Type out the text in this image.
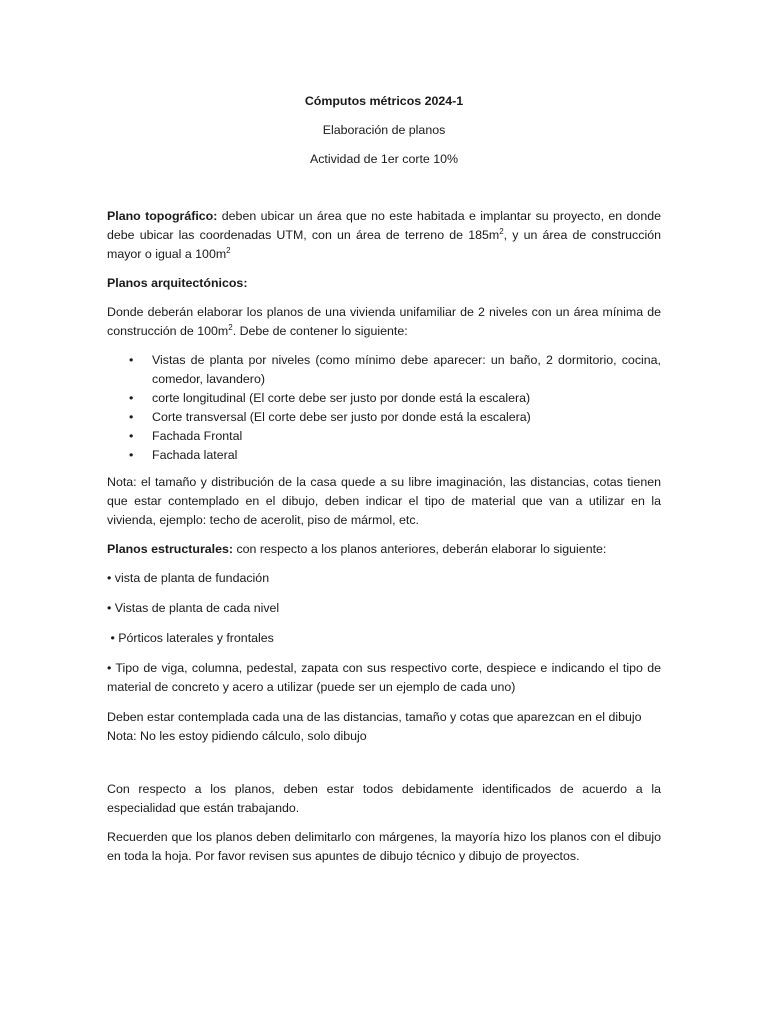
Cómputos métricos 2024-1
Elaboración de planos
Actividad de 1er corte 10%

Plano topográfico: deben ubicar un área que no este habitada e implantar su proyecto, en donde debe ubicar las coordenadas UTM, con un área de terreno de $185m^2$, y un área de construcción mayor o igual a $100m^2$

Planos arquitectónicos:

Donde deberán elaborar los planos de una vivienda unifamiliar de 2 niveles con un área mínima de construcción de $100m^2$. Debe de contener lo siguiente:

• Vistas de planta por niveles (como mínimo debe aparecer: un baño, 2 dormitorio, cocina, comedor, lavandero)
• corte longitudinal (El corte debe ser justo por donde está la escalera)
• Corte transversal (El corte debe ser justo por donde está la escalera)
• Fachada Frontal
• Fachada lateral

Nota: el tamaño y distribución de la casa quede a su libre imaginación, las distancias, cotas tienen que estar contemplado en el dibujo, deben indicar el tipo de material que van a utilizar en la vivienda, ejemplo: techo de acerolit, piso de mármol, etc.

Planos estructurales: con respecto a los planos anteriores, deberán elaborar lo siguiente:

• vista de planta de fundación

• Vistas de planta de cada nivel

• Pórticos laterales y frontales

• Tipo de viga, columna, pedestal, zapata con sus respectivo corte, despiece e indicando el tipo de material de concreto y acero a utilizar (puede ser un ejemplo de cada uno)

Deben estar contemplada cada una de las distancias, tamaño y cotas que aparezcan en el dibujo
Nota: No les estoy pidiendo cálculo, solo dibujo

Con respecto a los planos, deben estar todos debidamente identificados de acuerdo a la especialidad que están trabajando.

Recuerden que los planos deben delimitarlo con márgenes, la mayoría hizo los planos con el dibujo en toda la hoja. Por favor revisen sus apuntes de dibujo técnico y dibujo de proyectos.
